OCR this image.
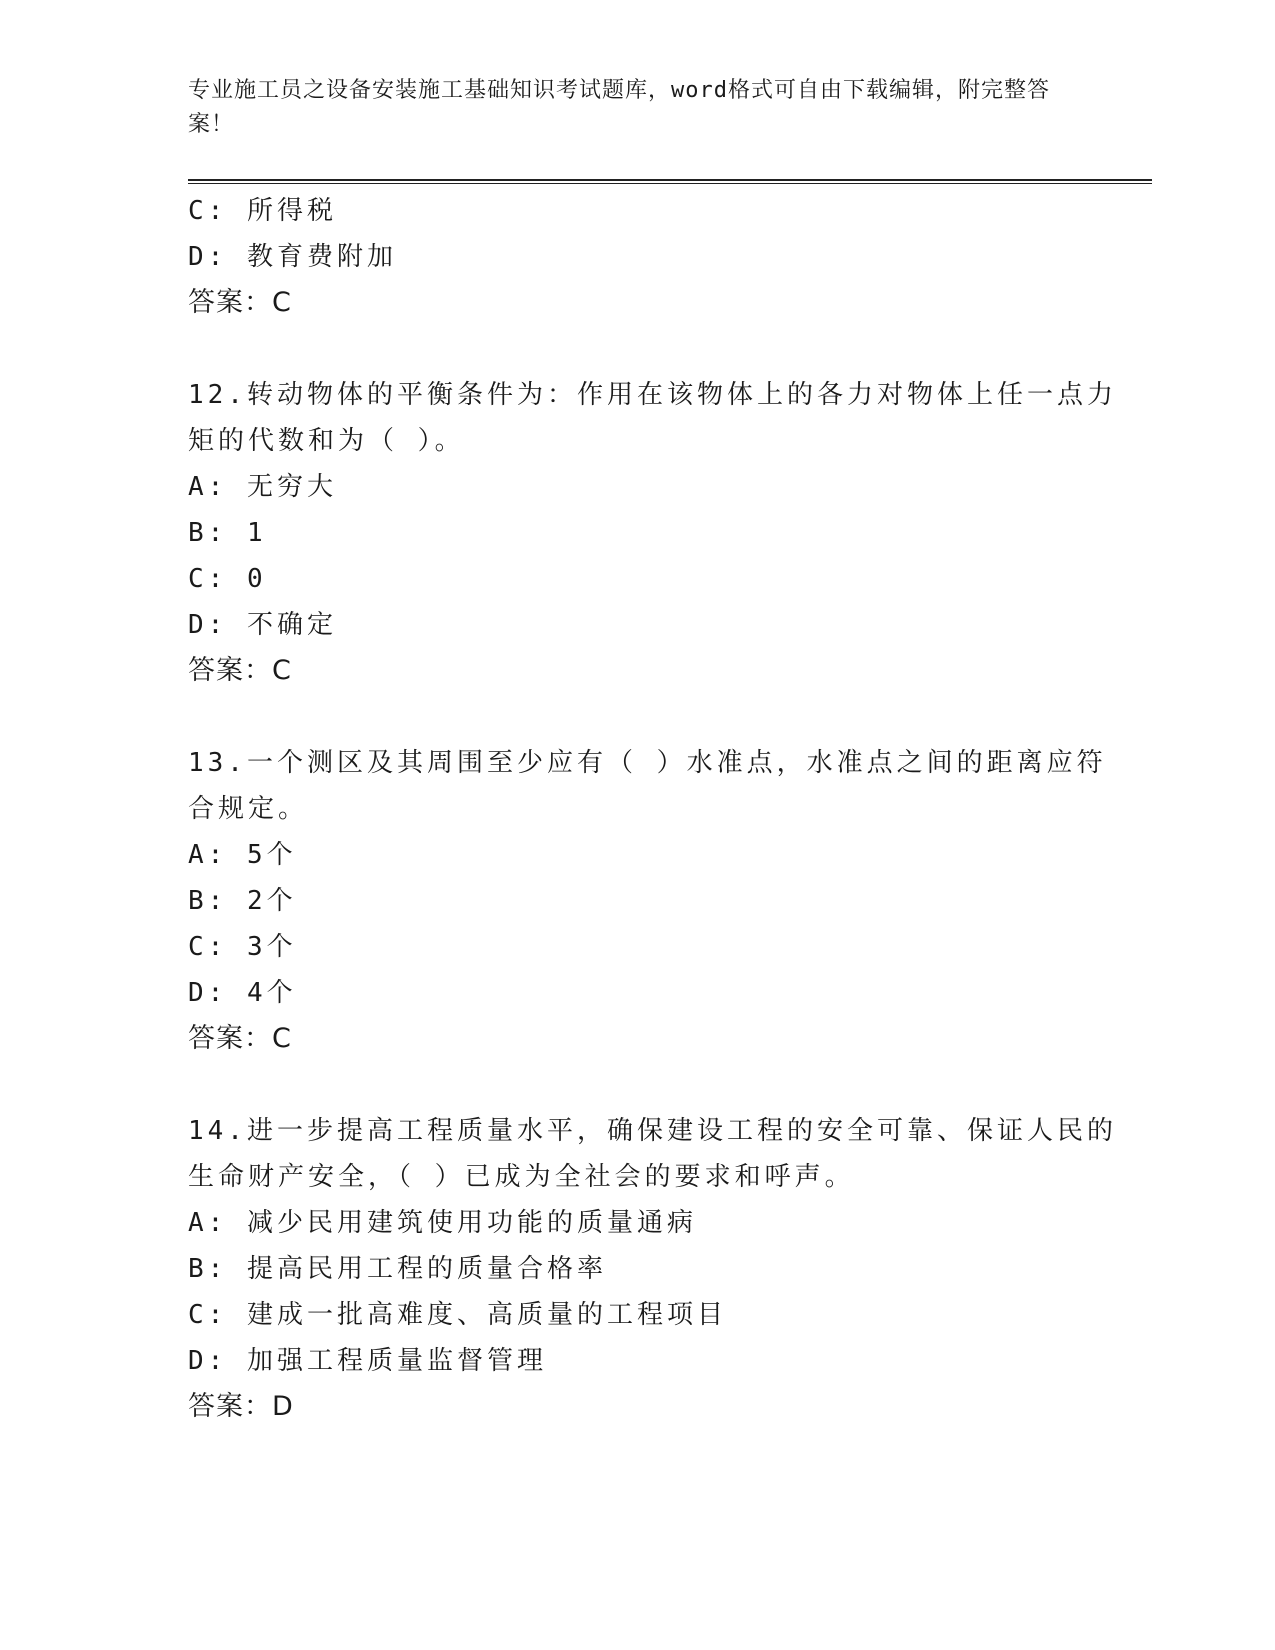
专业施工员之设备安装施工基础知识考试题库，word格式可自由下载编辑，附完整答案！
C: 所得税
D: 教育费附加
答案：C
12.转动物体的平衡条件为：作用在该物体上的各力对物体上任一点力
矩的代数和为（ ）。
A: 无穷大
B: 1
C: 0
D: 不确定
答案：C
13.一个测区及其周围至少应有（ ）水准点，水准点之间的距离应符
合规定。
A: 5个
B: 2个
C: 3个
D: 4个
答案：C
14.进一步提高工程质量水平，确保建设工程的安全可靠、保证人民的
生命财产安全，（ ）已成为全社会的要求和呼声。
A: 减少民用建筑使用功能的质量通病
B: 提高民用工程的质量合格率
C: 建成一批高难度、高质量的工程项目
D: 加强工程质量监督管理
答案：D
